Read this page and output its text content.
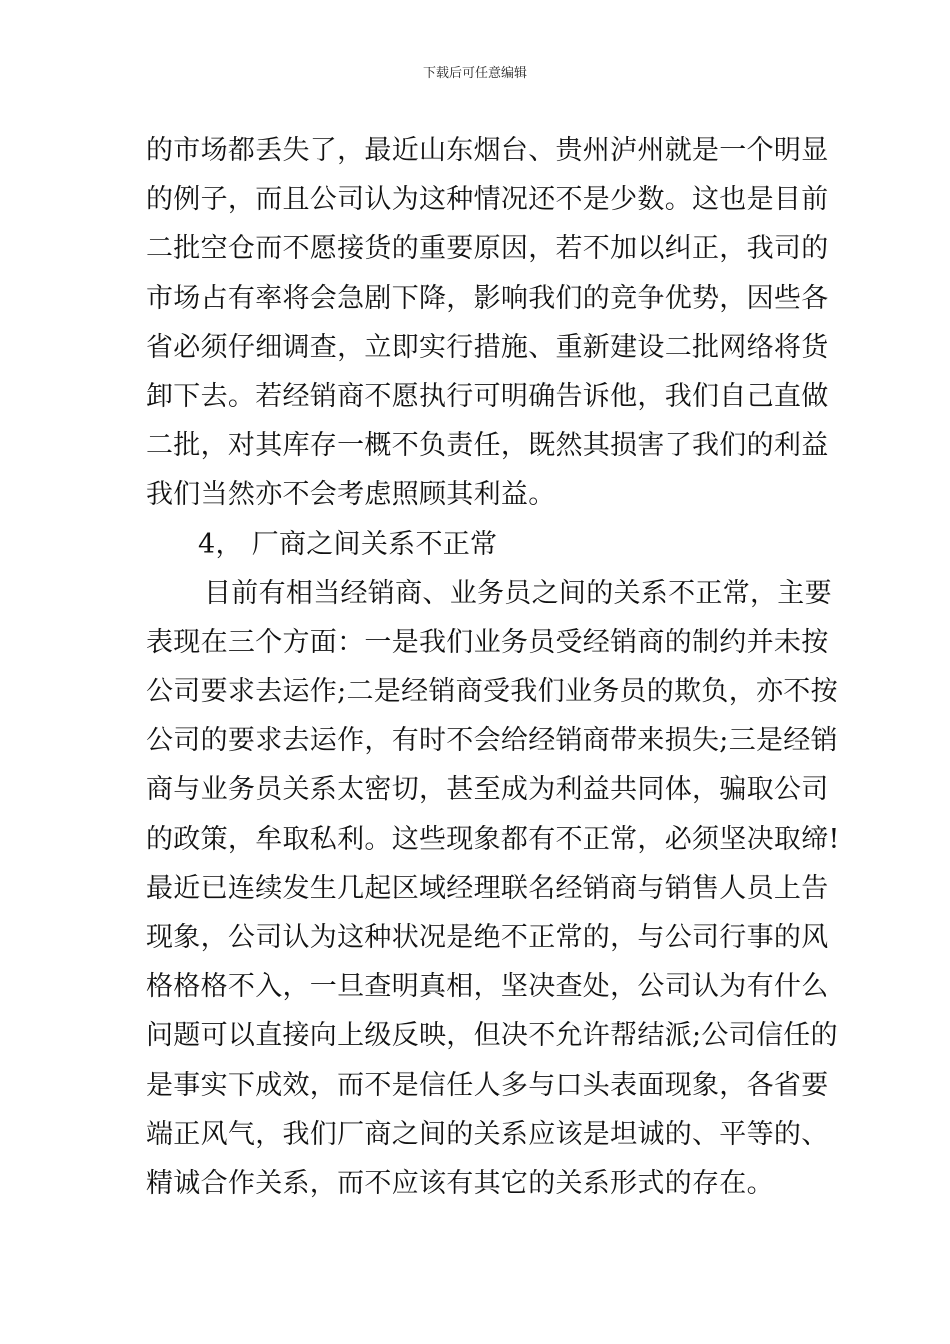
下载后可任意编辑
的市场都丢失了，最近山东烟台、贵州泸州就是一个明显
的例子，而且公司认为这种情况还不是少数。这也是目前
二批空仓而不愿接货的重要原因，若不加以纠正，我司的
市场占有率将会急剧下降，影响我们的竞争优势，因些各
省必须仔细调查，立即实行措施、重新建设二批网络将货
卸下去。若经销商不愿执行可明确告诉他，我们自己直做
二批，对其库存一概不负责任，既然其损害了我们的利益
我们当然亦不会考虑照顾其利益。
4， 厂商之间关系不正常
目前有相当经销商、业务员之间的关系不正常，主要
表现在三个方面：一是我们业务员受经销商的制约并未按
公司要求去运作;二是经销商受我们业务员的欺负，亦不按
公司的要求去运作，有时不会给经销商带来损失;三是经销
商与业务员关系太密切，甚至成为利益共同体，骗取公司
的政策，牟取私利。这些现象都有不正常，必须坚决取缔!
最近已连续发生几起区域经理联名经销商与销售人员上告
现象，公司认为这种状况是绝不正常的，与公司行事的风
格格格不入，一旦查明真相，坚决查处，公司认为有什么
问题可以直接向上级反映，但决不允许帮结派;公司信任的
是事实下成效，而不是信任人多与口头表面现象，各省要
端正风气，我们厂商之间的关系应该是坦诚的、平等的、
精诚合作关系，而不应该有其它的关系形式的存在。
